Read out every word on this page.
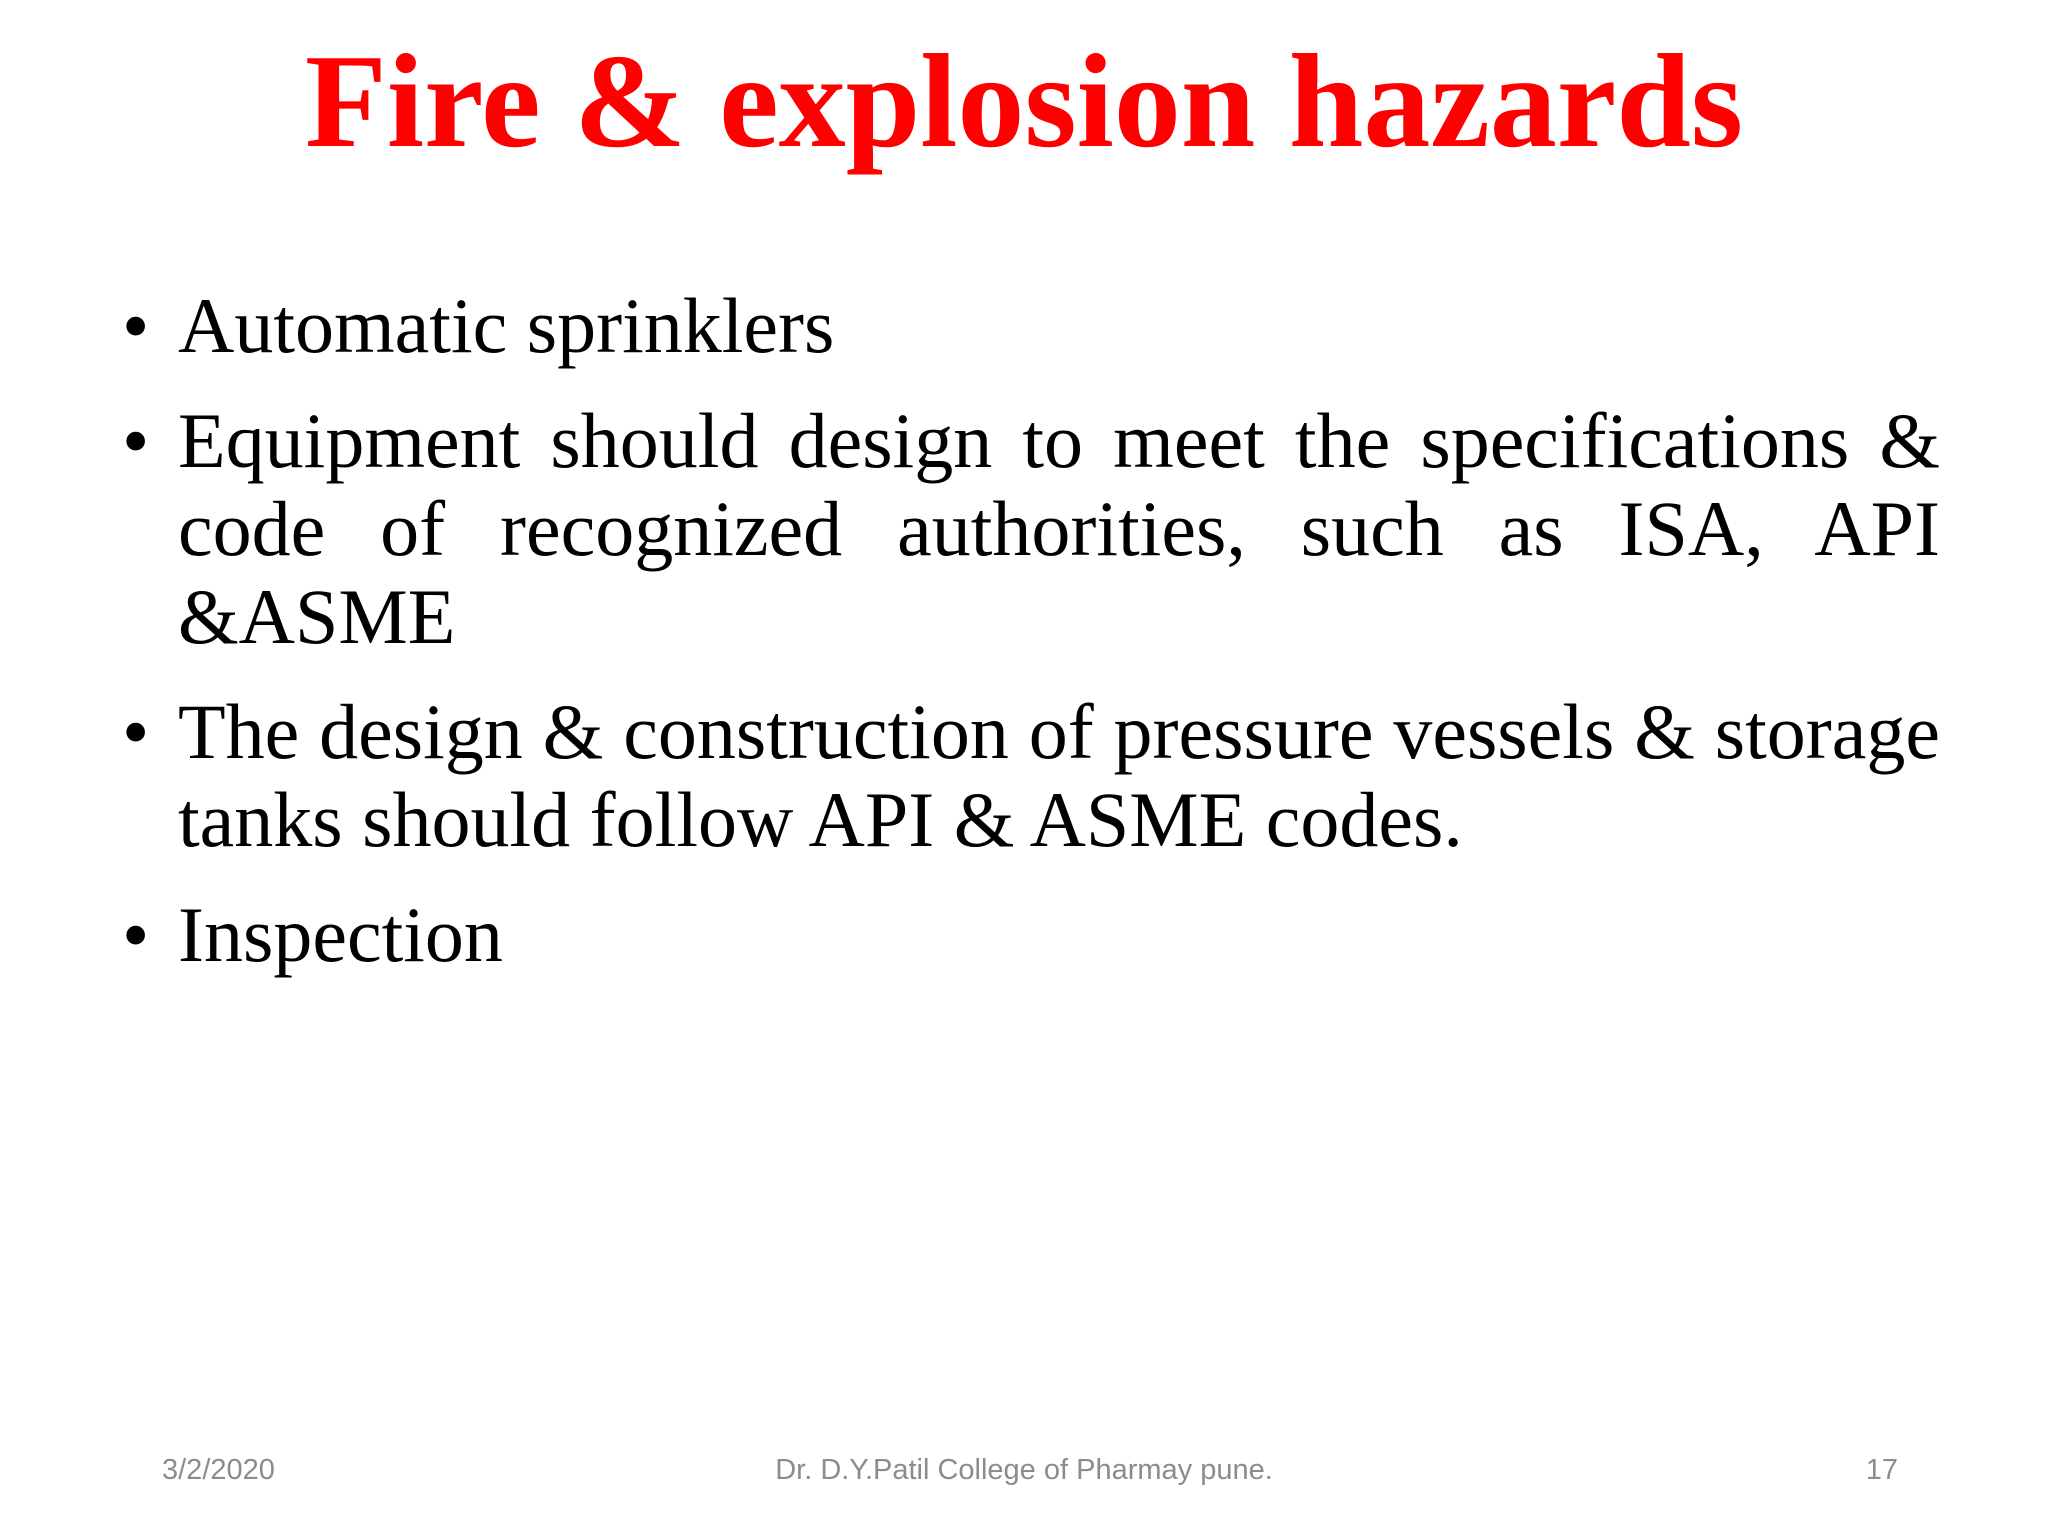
Fire & explosion hazards
• Automatic sprinklers
• Equipment should design to meet the specifications & code of recognized authorities, such as ISA, API &ASME
• The design & construction of pressure vessels & storage tanks should follow API & ASME codes.
• Inspection
3/2/2020	Dr. D.Y.Patil College of Pharmay pune.	17
